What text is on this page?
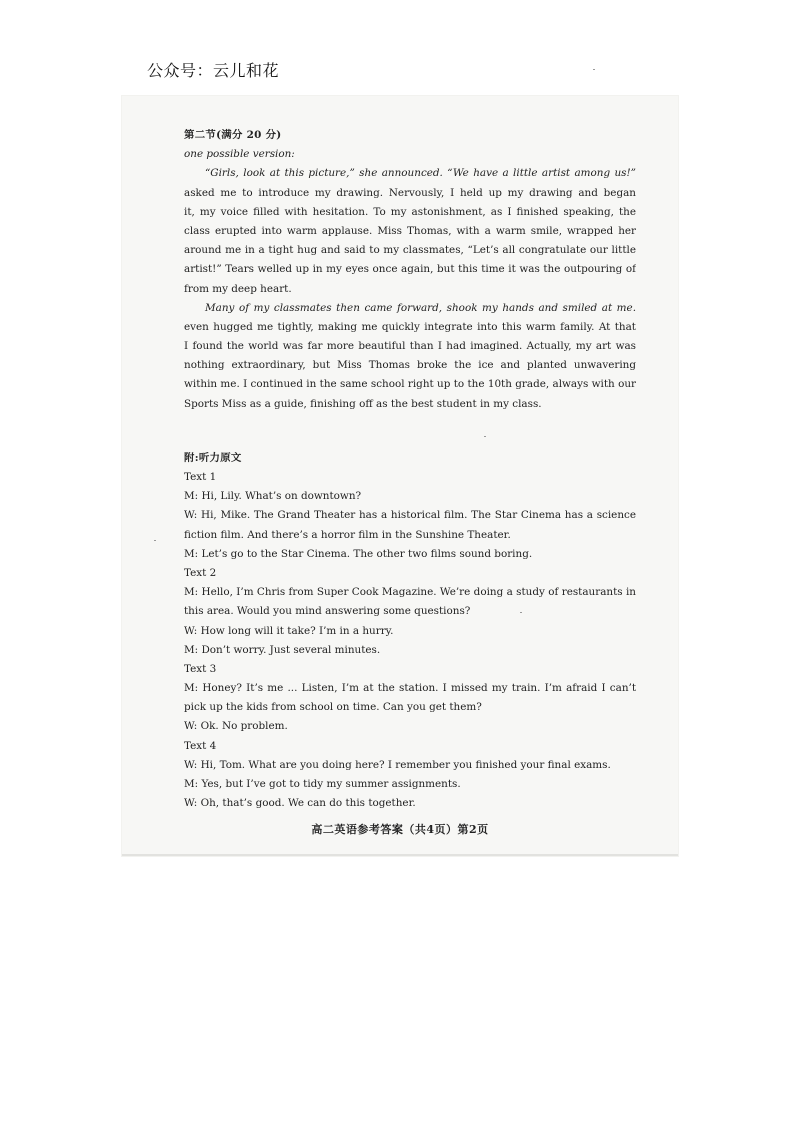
公众号：云儿和花
第二节(满分 20 分)
one possible version:
“Girls, look at this picture,” she announced. “We have a little artist among us!”
asked me to introduce my drawing. Nervously, I held up my drawing and began
it, my voice filled with hesitation. To my astonishment, as I finished speaking, the
class erupted into warm applause. Miss Thomas, with a warm smile, wrapped her
around me in a tight hug and said to my classmates, “Let’s all congratulate our little
artist!” Tears welled up in my eyes once again, but this time it was the outpouring of
from my deep heart.
Many of my classmates then came forward, shook my hands and smiled at me.
even hugged me tightly, making me quickly integrate into this warm family. At that
I found the world was far more beautiful than I had imagined. Actually, my art was
nothing extraordinary, but Miss Thomas broke the ice and planted unwavering
within me. I continued in the same school right up to the 10th grade, always with our
Sports Miss as a guide, finishing off as the best student in my class.
附:听力原文
Text 1
M: Hi, Lily. What’s on downtown?
W: Hi, Mike. The Grand Theater has a historical film. The Star Cinema has a science
fiction film. And there’s a horror film in the Sunshine Theater.
M: Let’s go to the Star Cinema. The other two films sound boring.
Text 2
M: Hello, I’m Chris from Super Cook Magazine. We’re doing a study of restaurants in
this area. Would you mind answering some questions?
W: How long will it take? I’m in a hurry.
M: Don’t worry. Just several minutes.
Text 3
M: Honey? It’s me ... Listen, I’m at the station. I missed my train. I’m afraid I can’t
pick up the kids from school on time. Can you get them?
W: Ok. No problem.
Text 4
W: Hi, Tom. What are you doing here? I remember you finished your final exams.
M: Yes, but I’ve got to tidy my summer assignments.
W: Oh, that’s good. We can do this together.
高二英语参考答案（共4页）第2页
